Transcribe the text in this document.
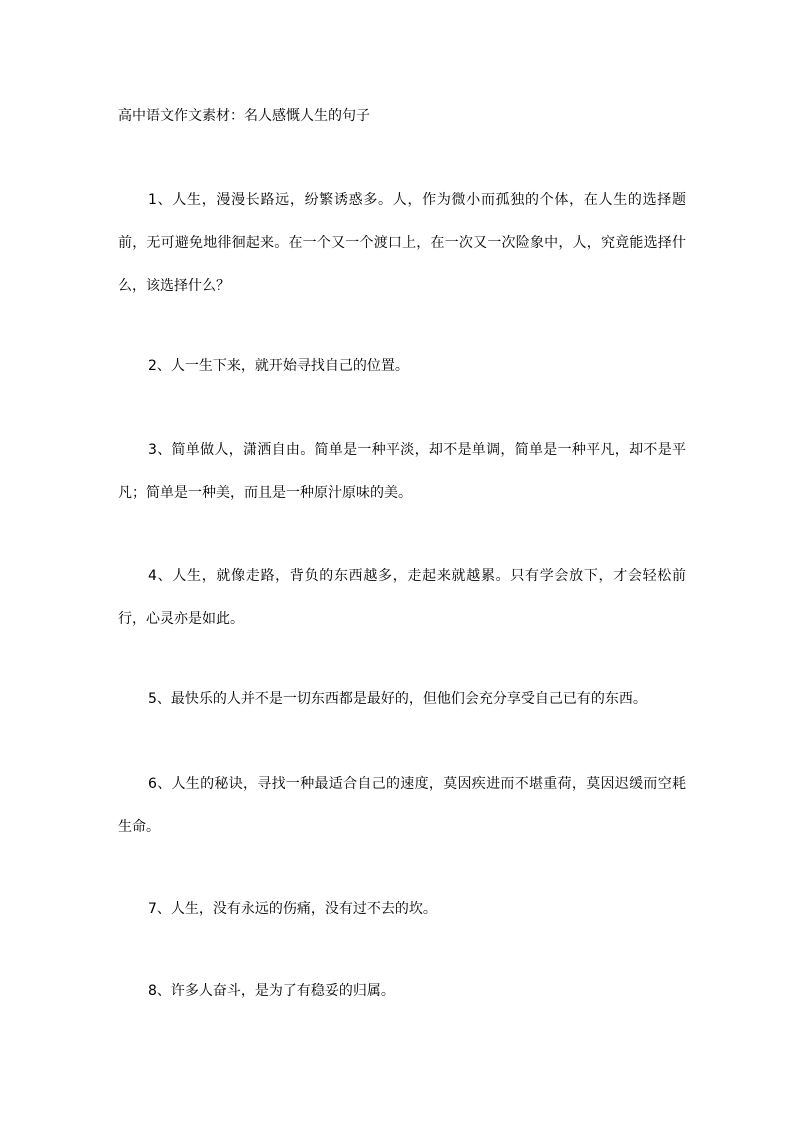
高中语文作文素材：名人感慨人生的句子

1、人生，漫漫长路远，纷繁诱惑多。人，作为微小而孤独的个体，在人生的选择题前，无可避免地徘徊起来。在一个又一个渡口上，在一次又一次险象中，人，究竟能选择什么，该选择什么？

2、人一生下来，就开始寻找自己的位置。

3、简单做人，潇洒自由。简单是一种平淡，却不是单调，简单是一种平凡，却不是平凡；简单是一种美，而且是一种原汁原味的美。

4、人生，就像走路，背负的东西越多，走起来就越累。只有学会放下，才会轻松前行，心灵亦是如此。

5、最快乐的人并不是一切东西都是最好的，但他们会充分享受自己已有的东西。

6、人生的秘诀，寻找一种最适合自己的速度，莫因疾进而不堪重荷，莫因迟缓而空耗生命。

7、人生，没有永远的伤痛，没有过不去的坎。

8、许多人奋斗，是为了有稳妥的归属。
